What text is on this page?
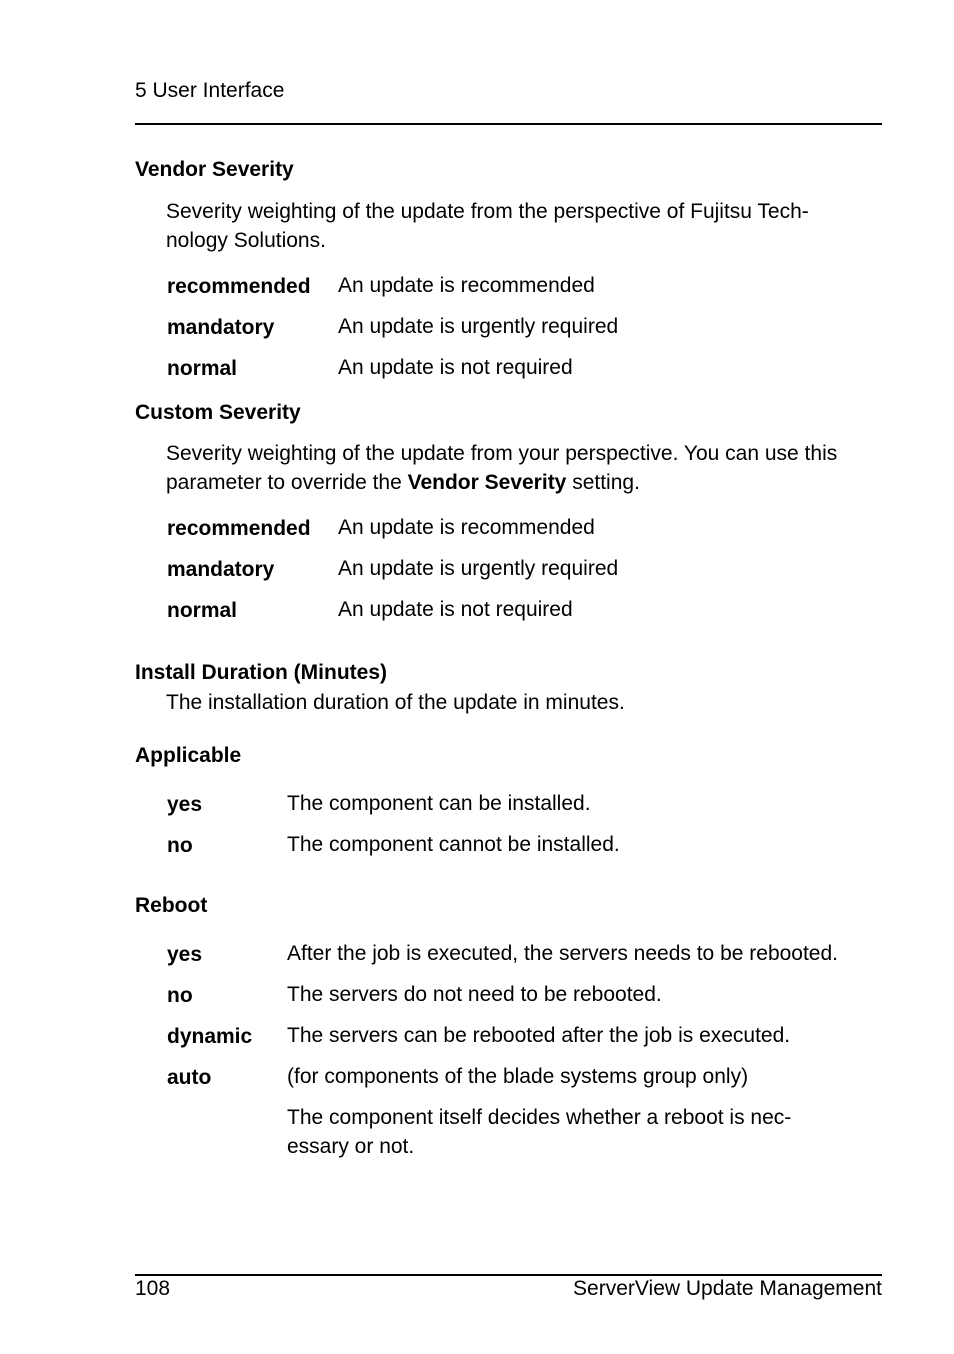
5 User Interface
Vendor Severity
Severity weighting of the update from the perspective of Fujitsu Tech-
nology Solutions.
recommended An update is recommended
mandatory	An update is urgently required
normal	An update is not required
Custom Severity
Severity weighting of the update from your perspective. You can use this
parameter to override the Vendor Severity setting.
recommended An update is recommended
mandatory	An update is urgently required
normal	An update is not required
Install Duration (Minutes)
The installation duration of the update in minutes.
Applicable
yes	The component can be installed.
no	The component cannot be installed.
Reboot
yes	After the job is executed, the servers needs to be rebooted.
no	The servers do not need to be rebooted.
dynamic The servers can be rebooted after the job is executed.
auto	(for components of the blade systems group only)
The component itself decides whether a reboot is nec-
essary or not.
108	ServerView Update Management
